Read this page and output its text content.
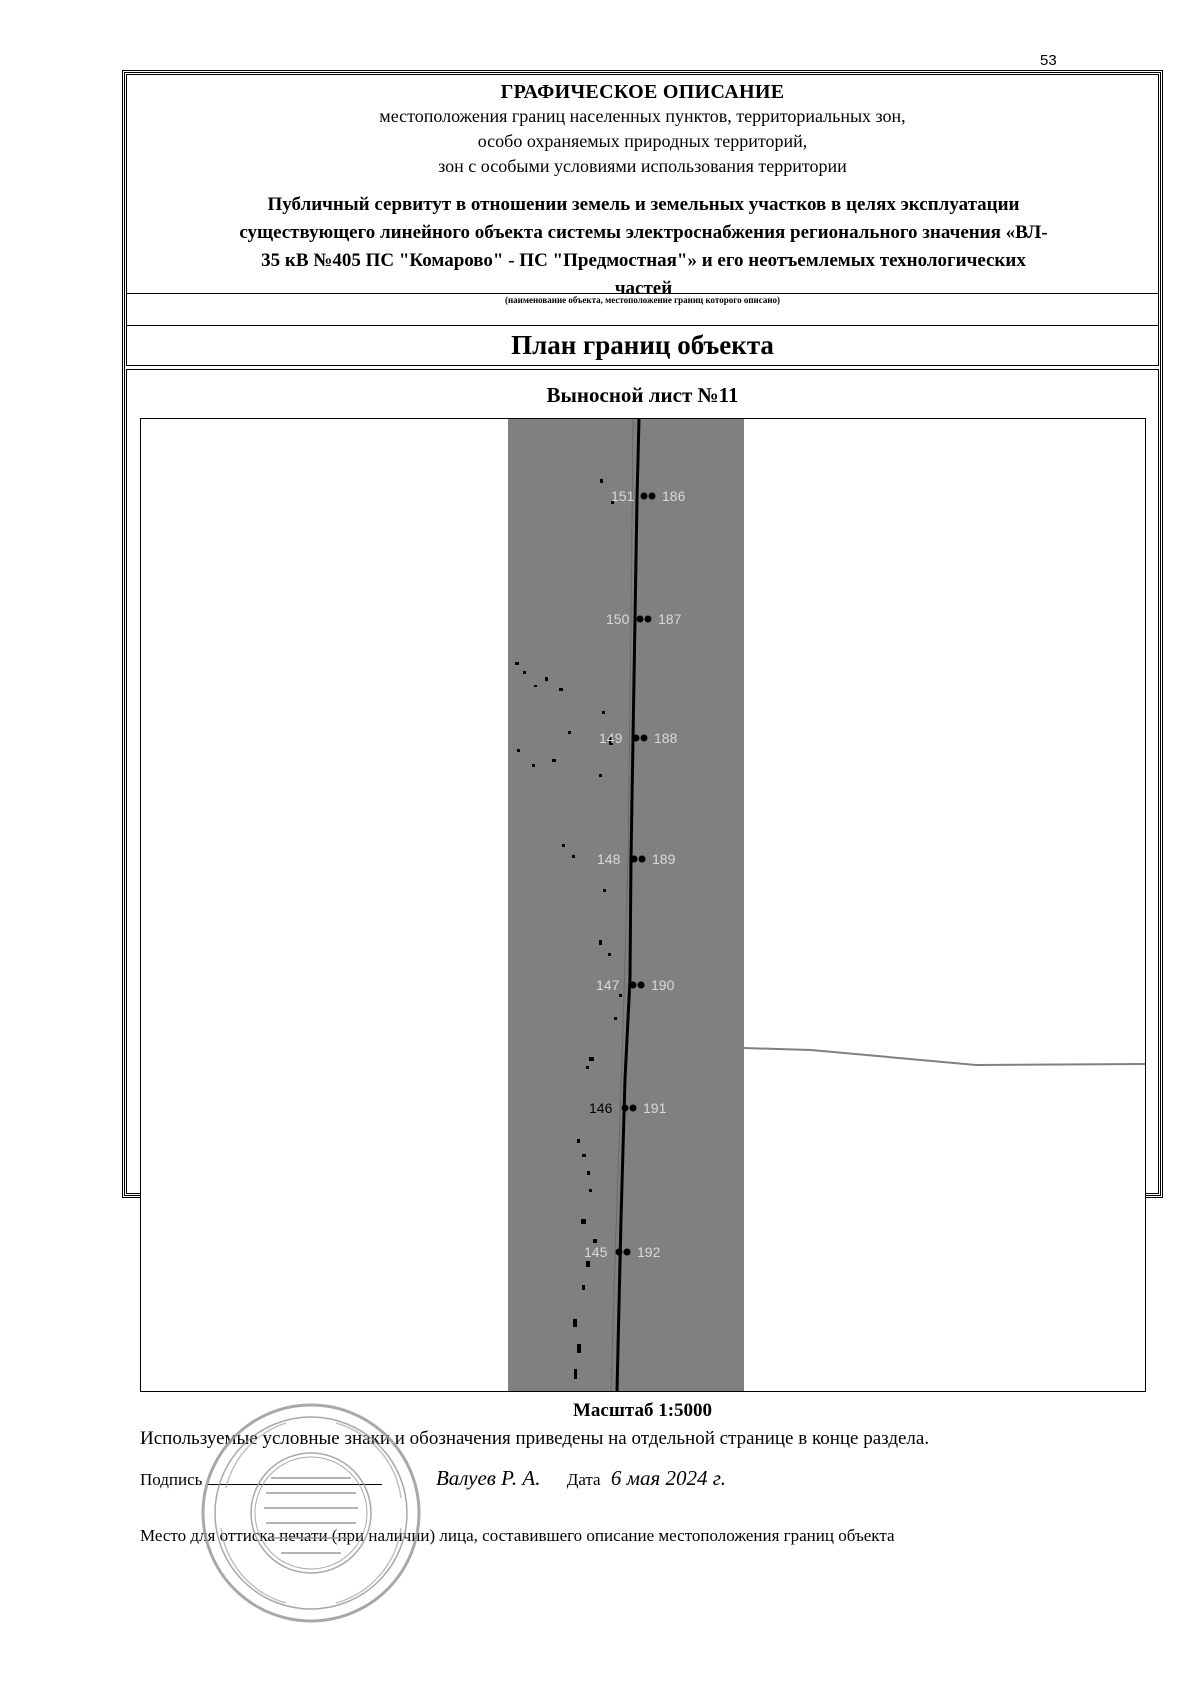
53
ГРАФИЧЕСКОЕ ОПИСАНИЕ
местоположения границ населенных пунктов, территориальных зон,
особо охраняемых природных территорий,
зон с особыми условиями использования территории
Публичный сервитут в отношении земель и земельных участков в целях эксплуатации
существующего линейного объекта системы электроснабжения регионального значения «ВЛ-
35 кВ №405 ПС "Комарово" - ПС "Предмостная"» и его неотъемлемых технологических
частей
(наименование объекта, местоположение границ которого описано)
План границ объекта
Выносной лист №11
151 186
150 187
149 188
148 189
147 190
146 191
145 192
Масштаб 1:5000
Используемые условные знаки и обозначения приведены на отдельной странице в конце раздела.
Подпись	Валуев Р. А. Дата 6 мая 2024 г.
Место для оттиска печати (при наличии) лица, составившего описание местоположения границ объекта
